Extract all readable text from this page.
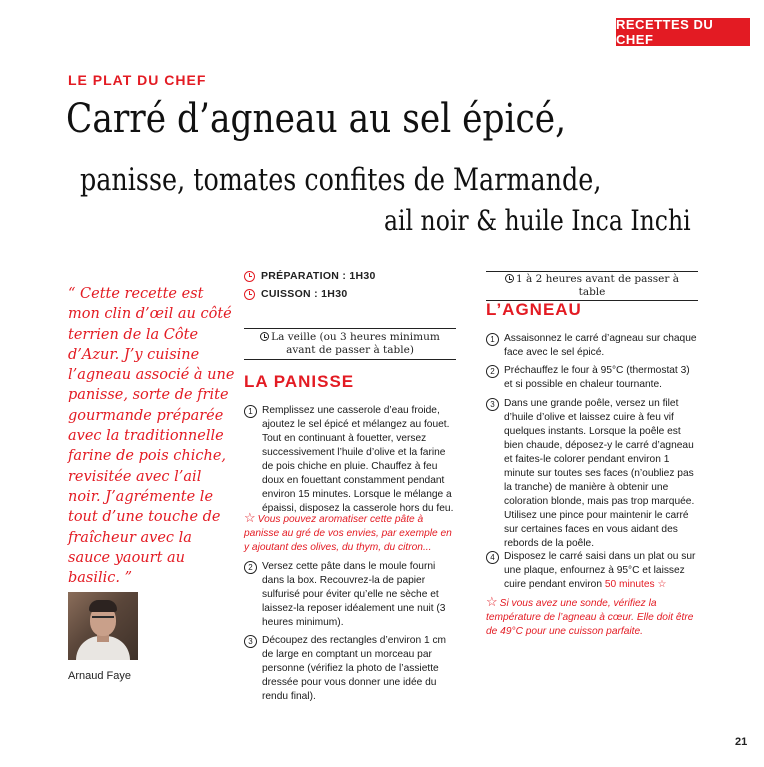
RECETTES DU CHEF
LE PLAT DU CHEF
Carré d’agneau au sel épicé,
panisse, tomates confites de Marmande,
ail noir & huile Inca Inchi
“ Cette recette est mon clin d’œil au côté terrien de la Côte d’Azur. J’y cuisine l’agneau associé à une panisse, sorte de frite gourmande préparée avec la traditionnelle farine de pois chiche, revisitée avec l’ail noir. J’agrémente le tout d’une touche de fraîcheur avec la sauce yaourt au basilic. ”
Arnaud Faye
PRÉPARATION : 1H30
CUISSON : 1H30
La veille (ou 3 heures minimum avant de passer à table)
LA PANISSE
1 Remplissez une casserole d’eau froide, ajoutez le sel épicé et mélangez au fouet. Tout en continuant à fouetter, versez successivement l’huile d’olive et la farine de pois chiche en pluie. Chauffez à feu doux en fouettant constamment pendant environ 15 minutes. Lorsque le mélange a épaissi, disposez la casserole hors du feu.
☆ Vous pouvez aromatiser cette pâte à panisse au gré de vos envies, par exemple en y ajoutant des olives, du thym, du citron...
2 Versez cette pâte dans le moule fourni dans la box. Recouvrez-la de papier sulfurisé pour éviter qu’elle ne sèche et laissez-la reposer idéalement une nuit (3 heures minimum).
3 Découpez des rectangles d’environ 1 cm de large en comptant un morceau par personne (vérifiez la photo de l’assiette dressée pour vous donner une idée du rendu final).
1 à 2 heures avant de passer à table
L’AGNEAU
1 Assaisonnez le carré d’agneau sur chaque face avec le sel épicé.
2 Préchauffez le four à 95°C (thermostat 3) et si possible en chaleur tournante.
3 Dans une grande poêle, versez un filet d’huile d’olive et laissez cuire à feu vif quelques instants. Lorsque la poêle est bien chaude, déposez-y le carré d’agneau et faites-le colorer pendant environ 1 minute sur toutes ses faces (n’oubliez pas la tranche) de manière à obtenir une coloration blonde, mais pas trop marquée. Utilisez une pince pour maintenir le carré sur certaines faces en vous aidant des rebords de la poêle.
4 Disposez le carré saisi dans un plat ou sur une plaque, enfournez à 95°C et laissez cuire pendant environ 50 minutes ☆
☆ Si vous avez une sonde, vérifiez la température de l’agneau à cœur. Elle doit être de 49°C pour une cuisson parfaite.
21
